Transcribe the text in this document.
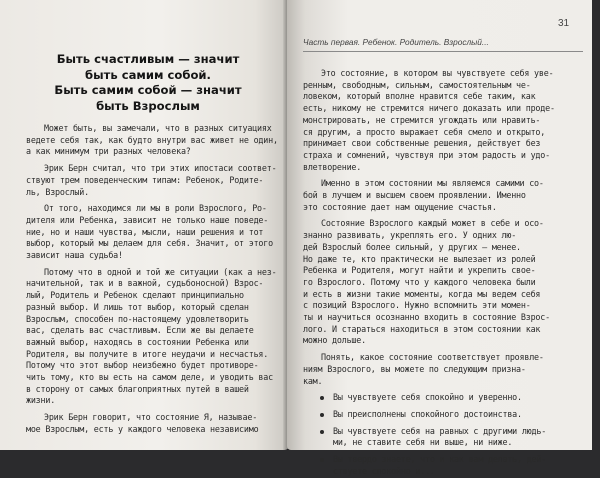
Быть счастливым — значит
быть самим собой.
Быть самим собой — значит
быть Взрослым
Может быть, вы замечали, что в разных ситуациях
ведете себя так, как будто внутри вас живет не один,
а как минимум три разных человека?
Эрик Берн считал, что три этих ипостаси соответ-
ствуют трем поведенческим типам: Ребенок, Родите-
ль, Взрослый.
От того, находимся ли мы в роли Взрослого, Ро-
дителя или Ребенка, зависит не только наше поведе-
ние, но и наши чувства, мысли, наши решения и тот
выбор, который мы делаем для себя. Значит, от этого
зависит наша судьба!
Потому что в одной и той же ситуации (как а нез-
начительной, так и в важной, судьбоносной) Взрос-
лый, Родитель и Ребенок сделают принципиально
разный выбор. И лишь тот выбор, который сделан
Взрослым, способен по-настоящему удовлетворить
вас, сделать вас счастливым. Если же вы делаете
важный выбор, находясь в состоянии Ребенка или
Родителя, вы получите в итоге неудачи и несчастья.
Потому что этот выбор неизбежно будет противоре-
чить тому, кто вы есть на самом деле, и уводить вас
в сторону от самых благоприятных путей в вашей
жизни.
Эрик Берн говорит, что состояние Я, называе-
мое Взрослым, есть у каждого человека независимо
31
Часть первая. Ребенок. Родитель. Взрослый...
Это состояние, в котором вы чувствуете себя уве-
ренным, свободным, сильным, самостоятельным че-
ловеком, который вполне нравится себе таким, как
есть, никому не стремится ничего доказать или проде-
монстрировать, не стремится угождать или нравить-
ся другим, а просто выражает себя смело и открыто,
принимает свои собственные решения, действует без
страха и сомнений, чувствуя при этом радость и удо-
влетворение.
Именно в этом состоянии мы являемся самими со-
бой в лучшем и высшем своем проявлении. Именно
это состояние дает нам ощущение счастья.
Состояние Взрослого каждый может в себе и осо-
знанно развивать, укреплять его. У одних лю-
дей Взрослый более сильный, у других — менее.
Но даже те, кто практически не вылезает из ролей
Ребенка и Родителя, могут найти и укрепить свое-
го Взрослого. Потому что у каждого человека были
и есть в жизни такие моменты, когда мы ведем себя
с позиций Взрослого. Нужно вспомнить эти момен-
ты и научиться осознанно входить в состояние Взрос-
лого. И стараться находиться в этом состоянии как
можно дольше.
Понять, какое состояние соответствует проявле-
ниям Взрослого, вы можете по следующим призна-
кам.
Вы чувствуете себя спокойно и уверенно.
Вы преисполнены спокойного достоинства.
Вы чувствуете себя на равных с другими людь-
ми, не ставите себя ни выше, ни ниже.
Вы твердо знаете, что и как вам делать, дей-
ствуете спокойно и...
